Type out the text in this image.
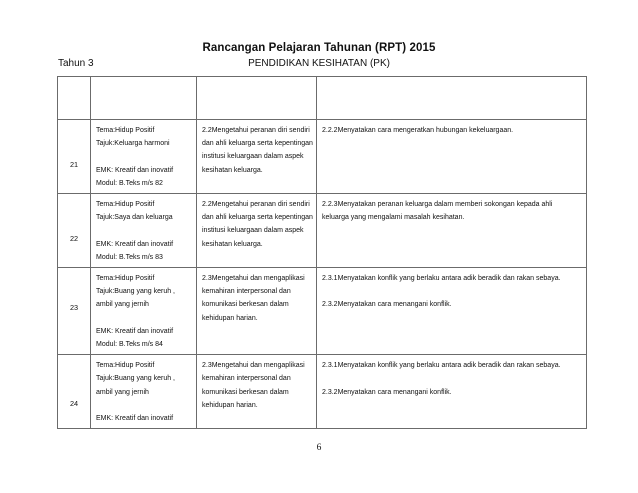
Rancangan Pelajaran Tahunan (RPT) 2015
Tahun 3	PENDIDIKAN KESIHATAN (PK)

21	Tema:Hidup Positif
Tajuk:Keluarga harmoni
EMK: Kreatif dan inovatif
Modul: B.Teks m/s 82	2.2Mengetahui peranan diri sendiri
dan ahli keluarga serta kepentingan
institusi keluargaan dalam aspek
kesihatan keluarga.	2.2.2Menyatakan cara mengeratkan hubungan kekeluargaan.

22	Tema:Hidup Positif
Tajuk:Saya dan keluarga
EMK: Kreatif dan inovatif
Modul: B.Teks m/s 83	2.2Mengetahui peranan diri sendiri
dan ahli keluarga serta kepentingan
institusi keluargaan dalam aspek
kesihatan keluarga.	2.2.3Menyatakan peranan keluarga dalam memberi sokongan kepada ahli
keluarga yang mengalami masalah kesihatan.

23	Tema:Hidup Positif
Tajuk:Buang yang keruh ,
ambil yang jernih
EMK: Kreatif dan inovatif
Modul: B.Teks m/s 84	2.3Mengetahui dan mengaplikasi
kemahiran interpersonal dan
komunikasi berkesan dalam
kehidupan harian.	2.3.1Menyatakan konflik yang berlaku antara adik beradik dan rakan sebaya.
2.3.2Menyatakan cara menangani konflik.

24	Tema:Hidup Positif
Tajuk:Buang yang keruh ,
ambil yang jernih
EMK: Kreatif dan inovatif	2.3Mengetahui dan mengaplikasi
kemahiran interpersonal dan
komunikasi berkesan dalam
kehidupan harian.	2.3.1Menyatakan konflik yang berlaku antara adik beradik dan rakan sebaya.
2.3.2Menyatakan cara menangani konflik.
6
